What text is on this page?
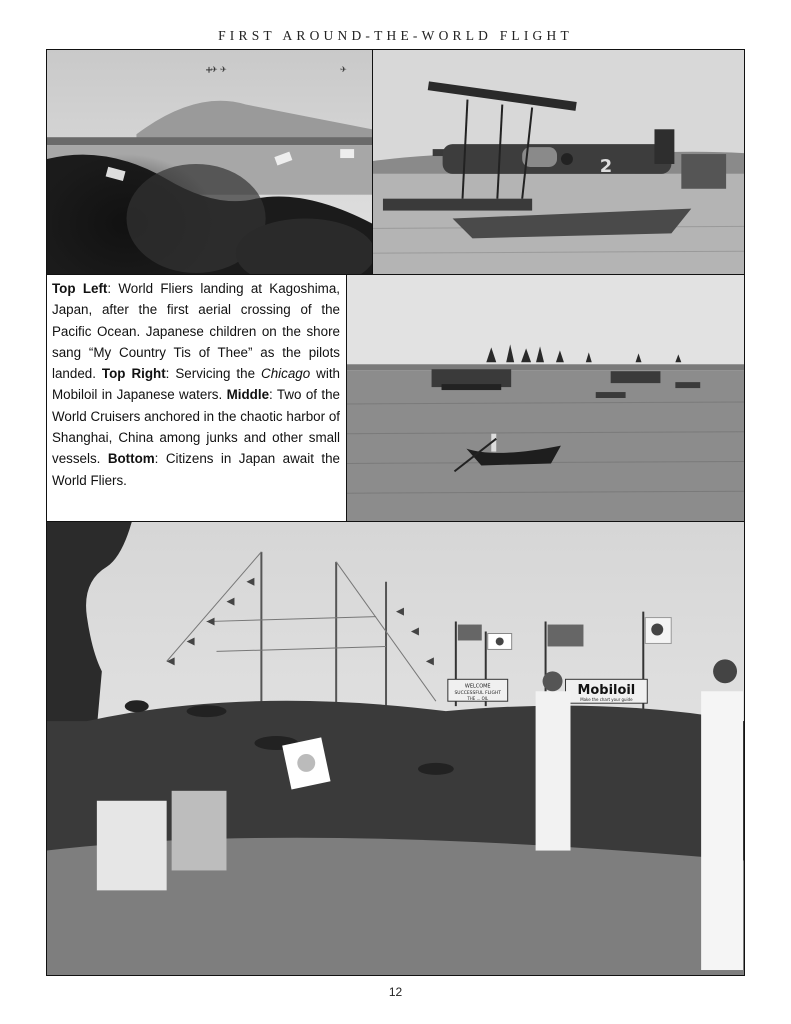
FIRST AROUND-THE-WORLD FLIGHT
✈ ✈	✈
2
Top Left: World Fliers landing at Kagoshima, Japan, after the first aerial crossing of the Pacific Ocean. Japanese children on the shore sang “My Country Tis of Thee” as the pilots landed. Top Right: Servicing the Chicago with Mobiloil in Japanese waters. Middle: Two of the World Cruisers anchored in the chaotic harbor of Shanghai, China among junks and other small vessels. Bottom: Citizens in Japan await the World Fliers.
WELCOME
SUCCESSFUL FLIGHT
THE ... OIL
Mobiloil
Make the chart your guide
12
